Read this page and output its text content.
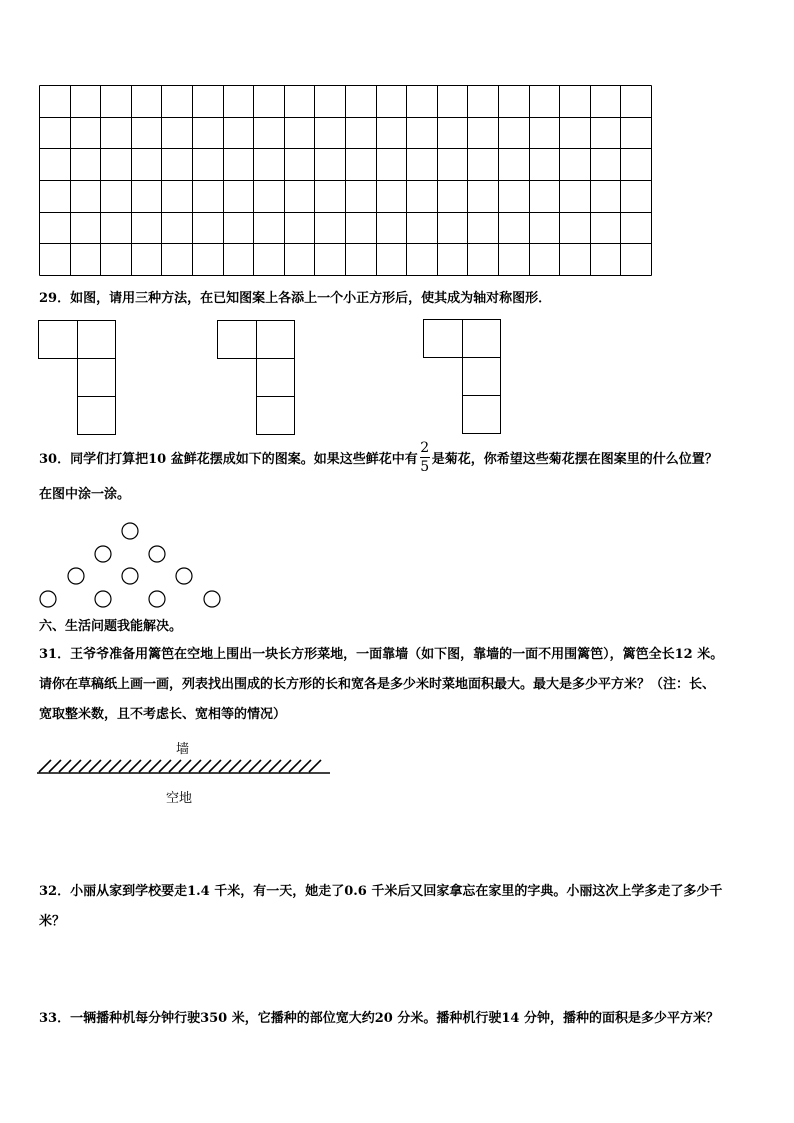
29．如图，请用三种方法，在已知图案上各添上一个小正方形后，使其成为轴对称图形．
30．同学们打算把10 盆鲜花摆成如下的图案。如果这些鲜花中有 $\frac{2}{5}$ 是菊花，你希望这些菊花摆在图案里的什么位置？
在图中涂一涂。
六、生活问题我能解决。
31．王爷爷准备用篱笆在空地上围出一块长方形菜地，一面靠墙（如下图，靠墙的一面不用围篱笆），篱笆全长12 米。
请你在草稿纸上画一画，列表找出围成的长方形的长和宽各是多少米时菜地面积最大。最大是多少平方米？（注：长、
宽取整米数，且不考虑长、宽相等的情况）
墙
空地
32．小丽从家到学校要走1.4 千米，有一天，她走了0.6 千米后又回家拿忘在家里的字典。小丽这次上学多走了多少千
米？
33．一辆播种机每分钟行驶350 米，它播种的部位宽大约20 分米。播种机行驶14 分钟，播种的面积是多少平方米？
